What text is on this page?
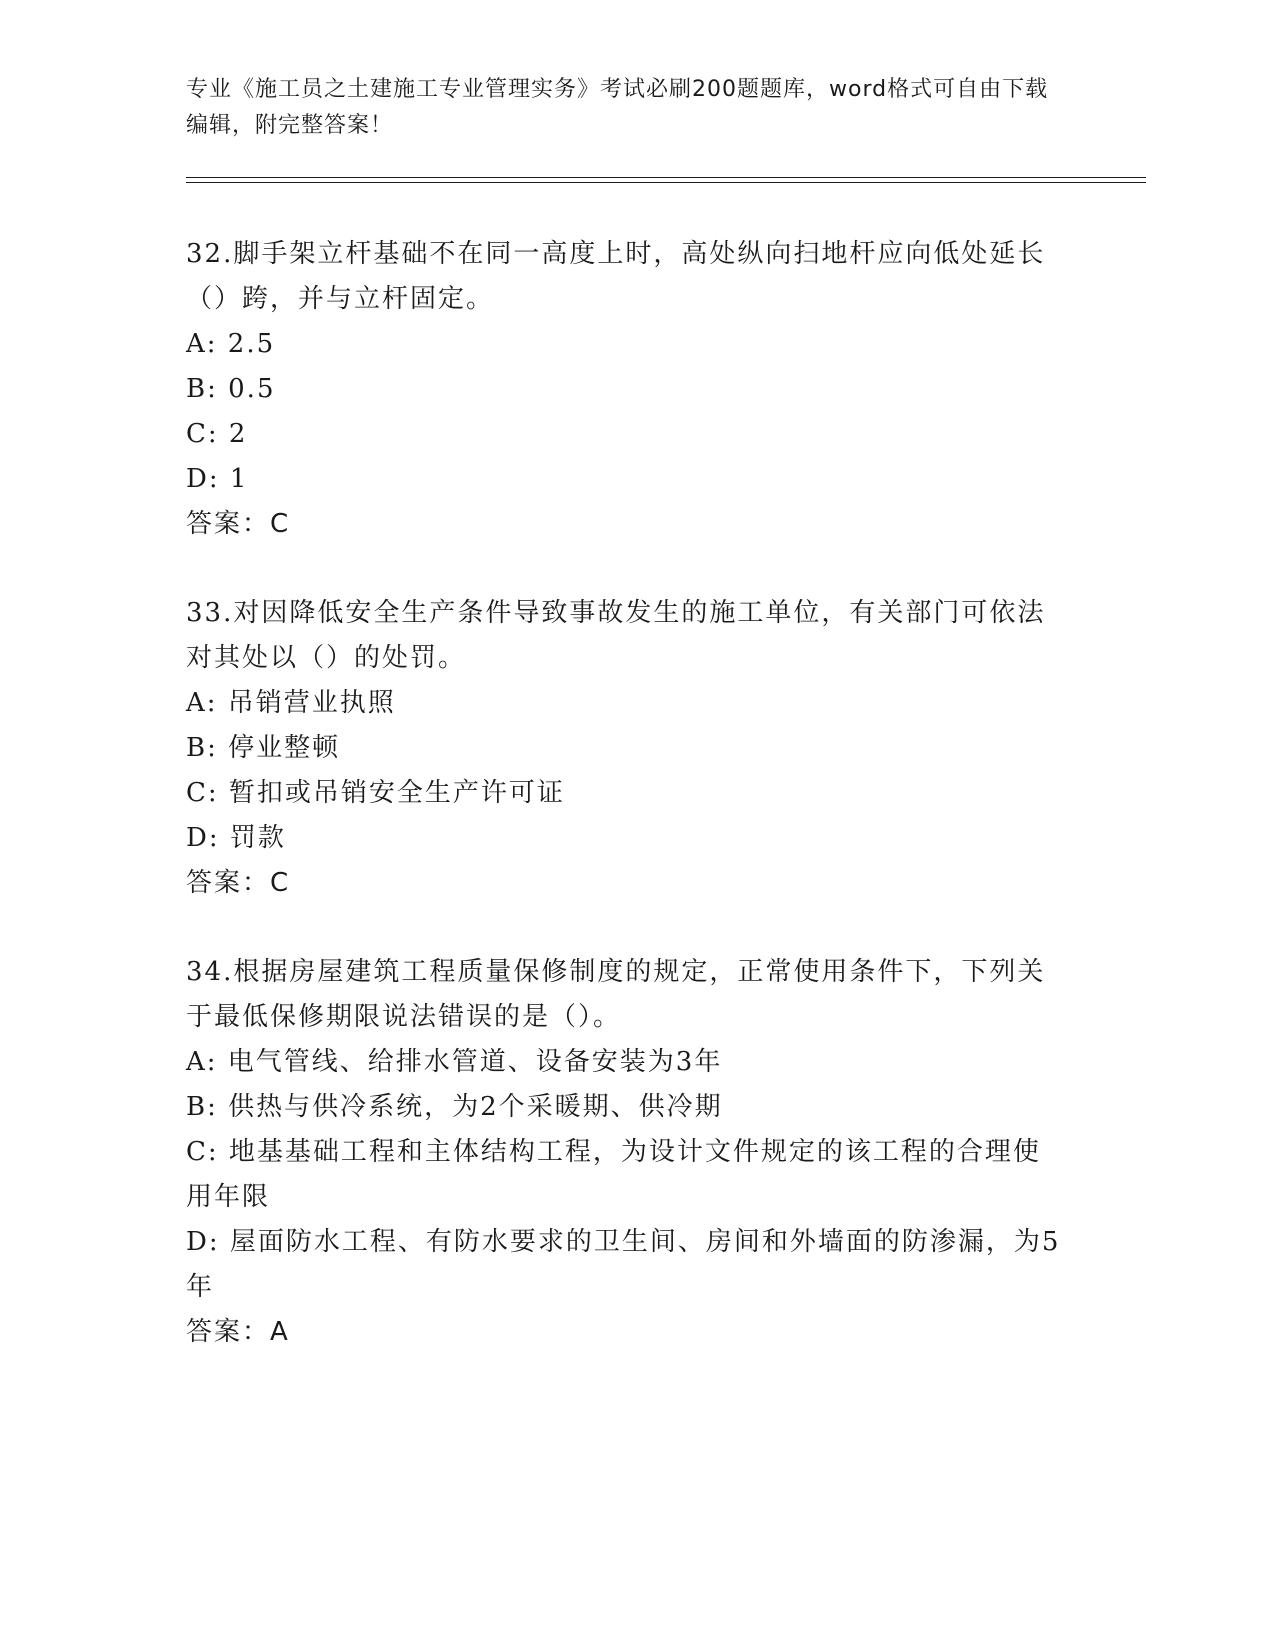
专业《施工员之土建施工专业管理实务》考试必刷200题题库，word格式可自由下载编辑，附完整答案！
32.脚手架立杆基础不在同一高度上时，高处纵向扫地杆应向低处延长（）跨，并与立杆固定。
A: 2.5
B: 0.5
C: 2
D: 1
答案：C
33.对因降低安全生产条件导致事故发生的施工单位，有关部门可依法对其处以（）的处罚。
A: 吊销营业执照
B: 停业整顿
C: 暂扣或吊销安全生产许可证
D: 罚款
答案：C
34.根据房屋建筑工程质量保修制度的规定，正常使用条件下，下列关于最低保修期限说法错误的是（）。
A: 电气管线、给排水管道、设备安装为3年
B: 供热与供冷系统，为2个采暖期、供冷期
C: 地基基础工程和主体结构工程，为设计文件规定的该工程的合理使用年限
D: 屋面防水工程、有防水要求的卫生间、房间和外墙面的防渗漏，为5年
答案：A
